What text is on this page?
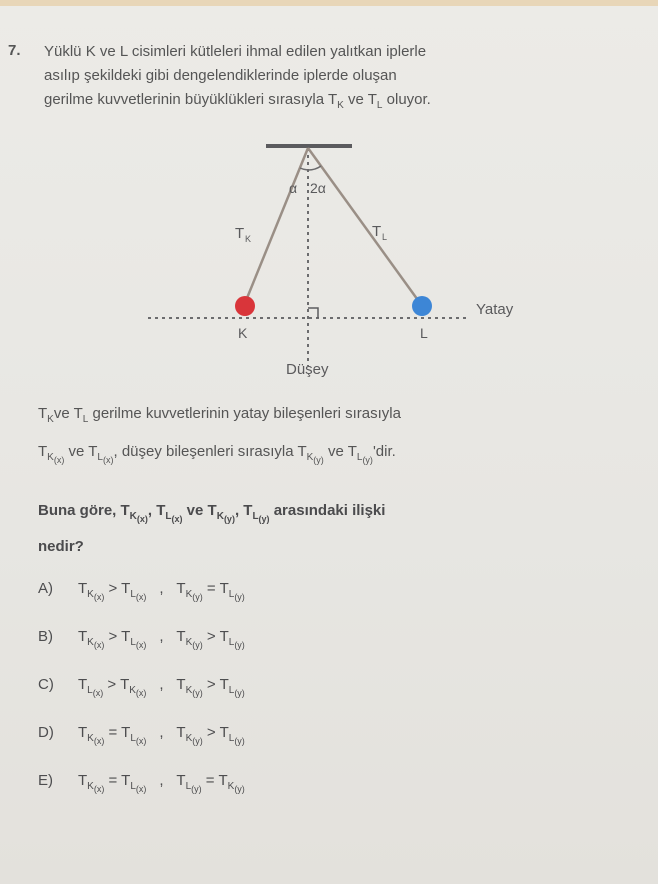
7. Yüklü K ve L cisimleri kütleleri ihmal edilen yalıtkan iplerle
asılıp şekildeki gibi dengelendiklerinde iplerde oluşan
gerilme kuvvetlerinin büyüklükleri sırasıyla $T_K$ ve $T_L$ oluyor.
α 2α
T K	T L
K	L
Yatay
Düşey
$T_Kve$ $T_L$ gerilme kuvvetlerinin yatay bileşenleri sırasıyla
$T_{K(x)}$ ve $T_{L(x)}$, düşey bileşenleri sırasıyla $T_{K(y)}$ ve $T_{L(y)}'dir$.
Buna göre, $T_{K(x)}$, $T_{L(x)}$ ve $T_{K(y)}$, $T_{L(y)}$ arasındaki ilişki
nedir?
A) $T_{K(x)} > T_{L(x)}$ , $T_{K(y)} = T_{L(y)}$
B) $T_{K(x)} > T_{L(x)}$ , $T_{K(y)} > T_{L(y)}$
C) $T_{L(x)} > T_{K(x)}$ , $T_{K(y)} > T_{L(y)}$
D) $T_{K(x)} = T_{L(x)}$ , $T_{K(y)} > T_{L(y)}$
E) $T_{K(x)} = T_{L(x)}$ , $T_{L(y)} = T_{K(y)}$
